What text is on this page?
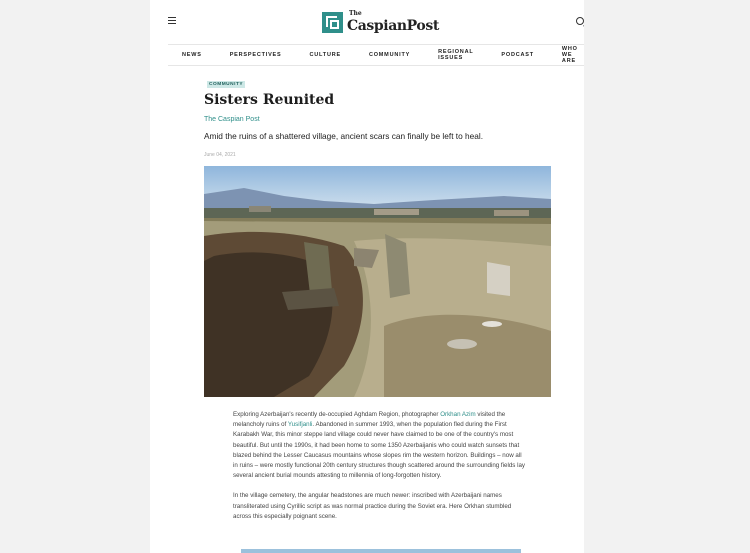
The
CaspianPost
NEWS	PERSPECTIVES	CULTURE	COMMUNITY	REGIONAL ISSUES	PODCAST
WHO WE ARE
COMMUNITY
Sisters Reunited
The Caspian Post
Amid the ruins of a shattered village, ancient scars can finally be left to heal.
June 04, 2021

Exploring Azerbaijan's recently de-occupied Aghdam Region, photographer Orkhan Azim visited the melancholy ruins of Yusifjanli. Abandoned in summer 1993, when the population fled during the First Karabakh War, this minor steppe land village could never have claimed to be one of the country's most beautiful. But until the 1990s, it had been home to some 1350 Azerbaijanis who could watch sunsets that blazed behind the Lesser Caucasus mountains whose slopes rim the western horizon. Buildings – now all in ruins – were mostly functional 20th century structures though scattered around the surrounding fields lay several ancient burial mounds attesting to millennia of long-forgotten history.

In the village cemetery, the angular headstones are much newer: inscribed with Azerbaijani names transliterated using Cyrillic script as was normal practice during the Soviet era. Here Orkhan stumbled across this especially poignant scene.
